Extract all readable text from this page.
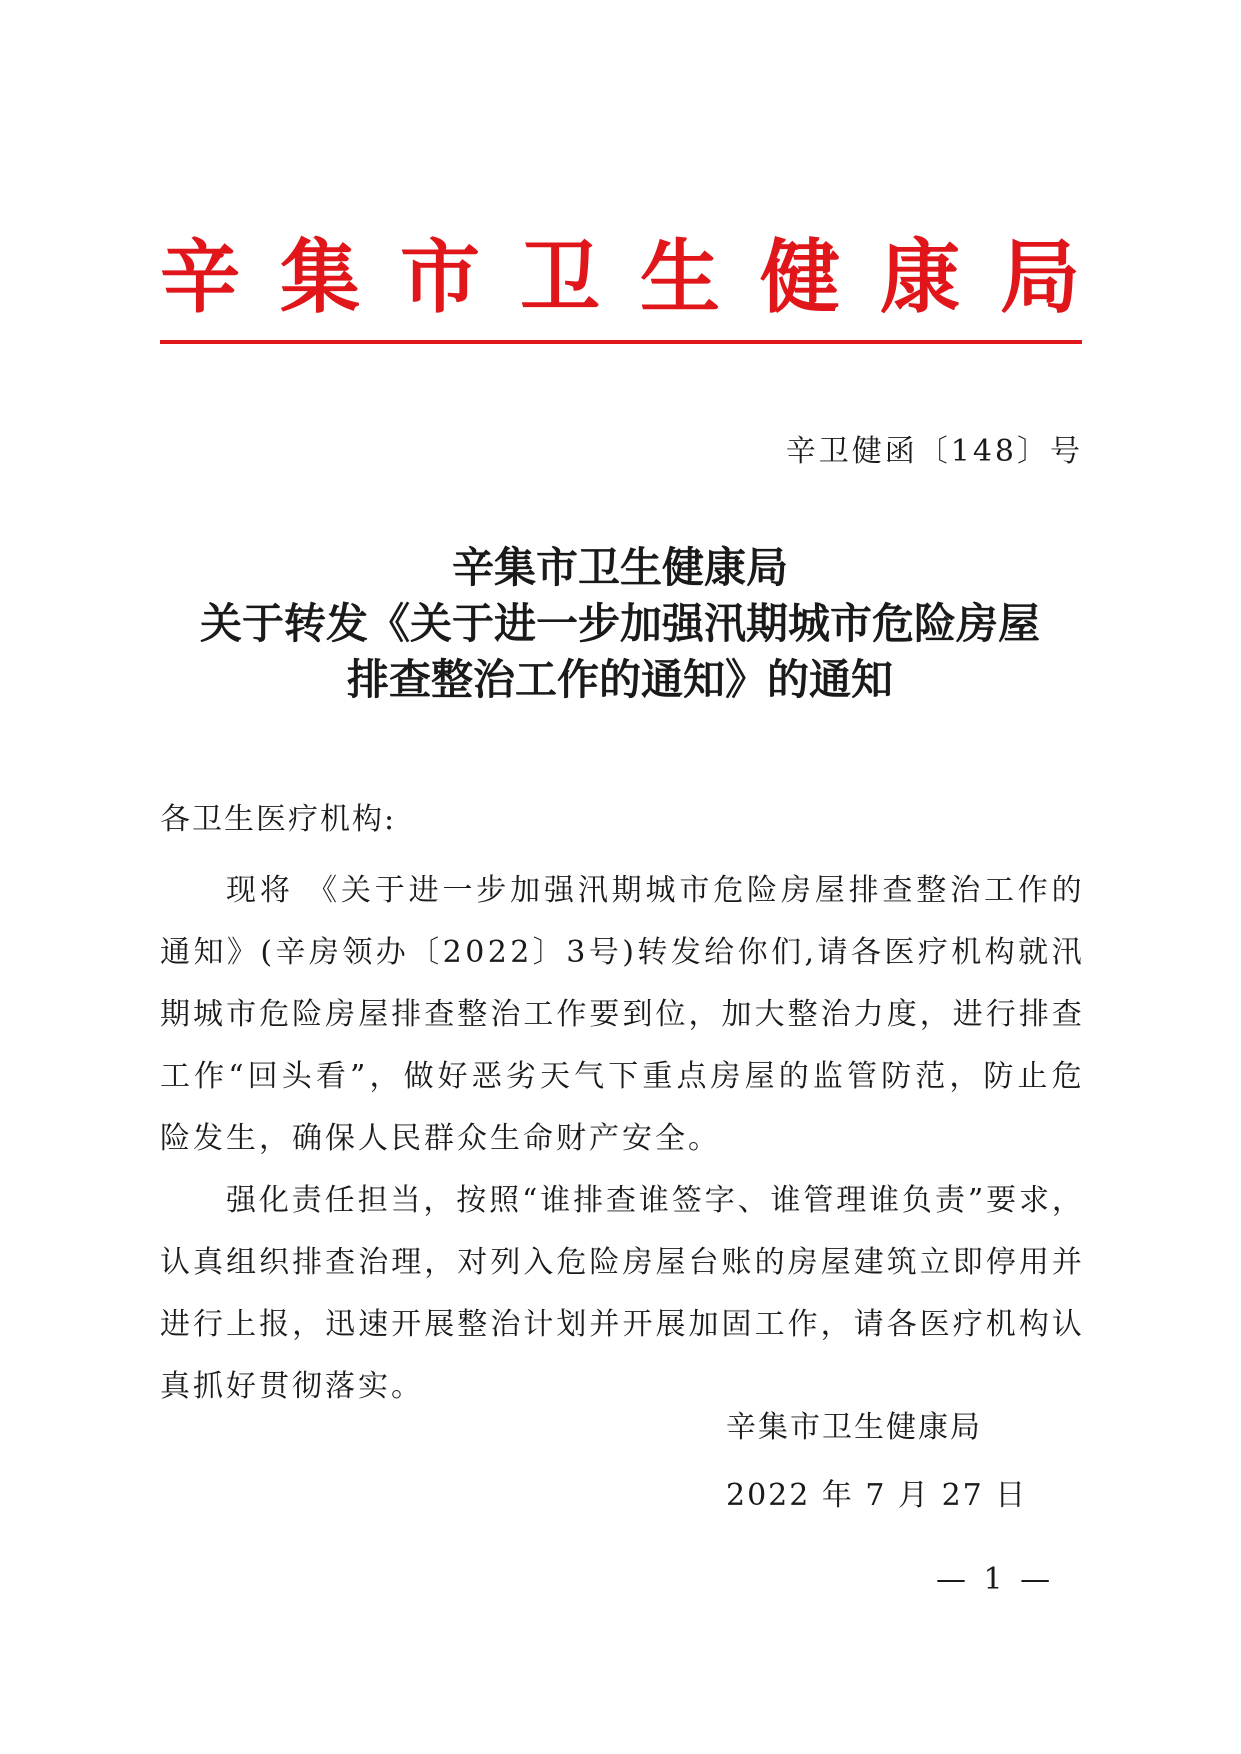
辛 集 市 卫 生 健 康 局
辛卫健函〔148〕号
辛集市卫生健康局
关于转发《关于进一步加强汛期城市危险房屋
排查整治工作的通知》的通知
各卫生医疗机构:
现 将
《 关 于 进 一 步 加 强 汛 期 城 市 危 险 房 屋 排 查 整 治 工 作 的
通 知 》 ( 辛 房 领 办 〔 2 0 2 2 〕 3 号 ) 转 发 给 你 们 , 请 各 医 疗 机 构 就 汛
期 城 市 危 险 房 屋 排 查 整 治 工 作 要 到 位 ， 加 大 整 治 力 度 ， 进 行 排 查
工 作 “ 回 头 看 ” ， 做 好 恶 劣 天 气 下 重 点 房 屋 的 监 管 防 范 ， 防 止 危
险发生，确保人民群众生命财产安全。
强 化 责 任 担 当 ， 按 照 “ 谁 排 查 谁 签 字 、 谁 管 理 谁 负 责 ” 要 求 ，
认 真 组 织 排 查 治 理 ， 对 列 入 危 险 房 屋 台 账 的 房 屋 建 筑 立 即 停 用 并
进 行 上 报 ， 迅 速 开 展 整 治 计 划 并 开 展 加 固 工 作 ， 请 各 医 疗 机 构 认
真抓好贯彻落实。
辛集市卫生健康局
2022 年 7 月 27 日
— 1 —
